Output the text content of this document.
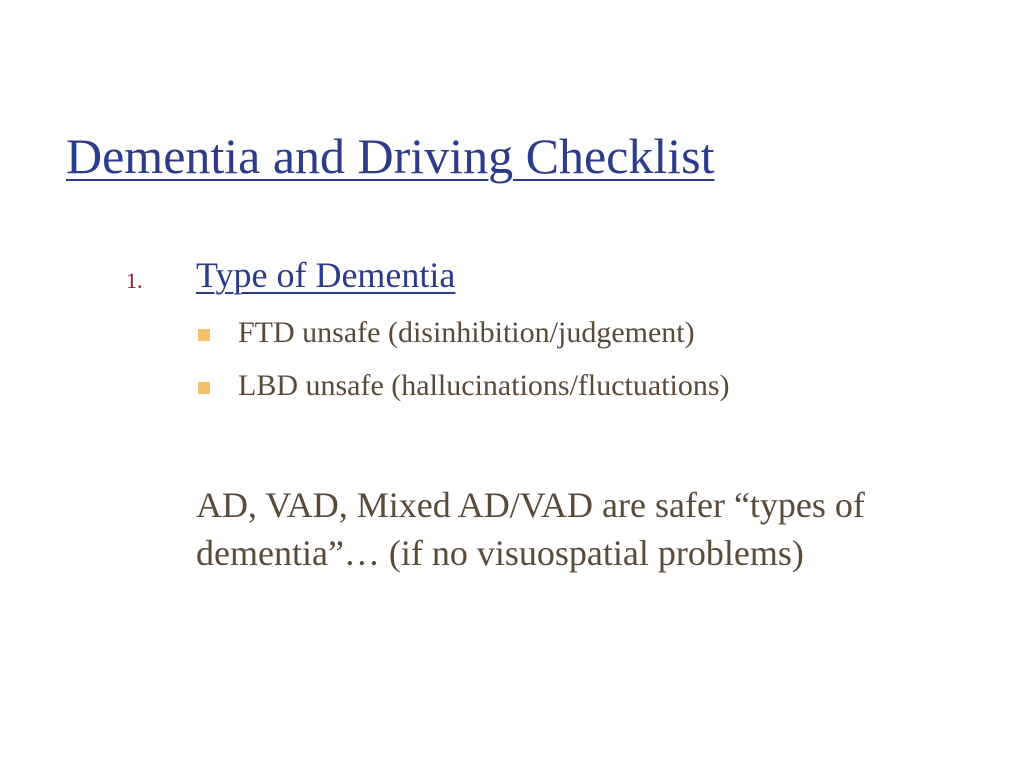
Dementia and Driving Checklist
1. Type of Dementia
FTD unsafe (disinhibition/judgement)
LBD unsafe (hallucinations/fluctuations)
AD, VAD, Mixed AD/VAD are safer “types of dementia”… (if no visuospatial problems)
